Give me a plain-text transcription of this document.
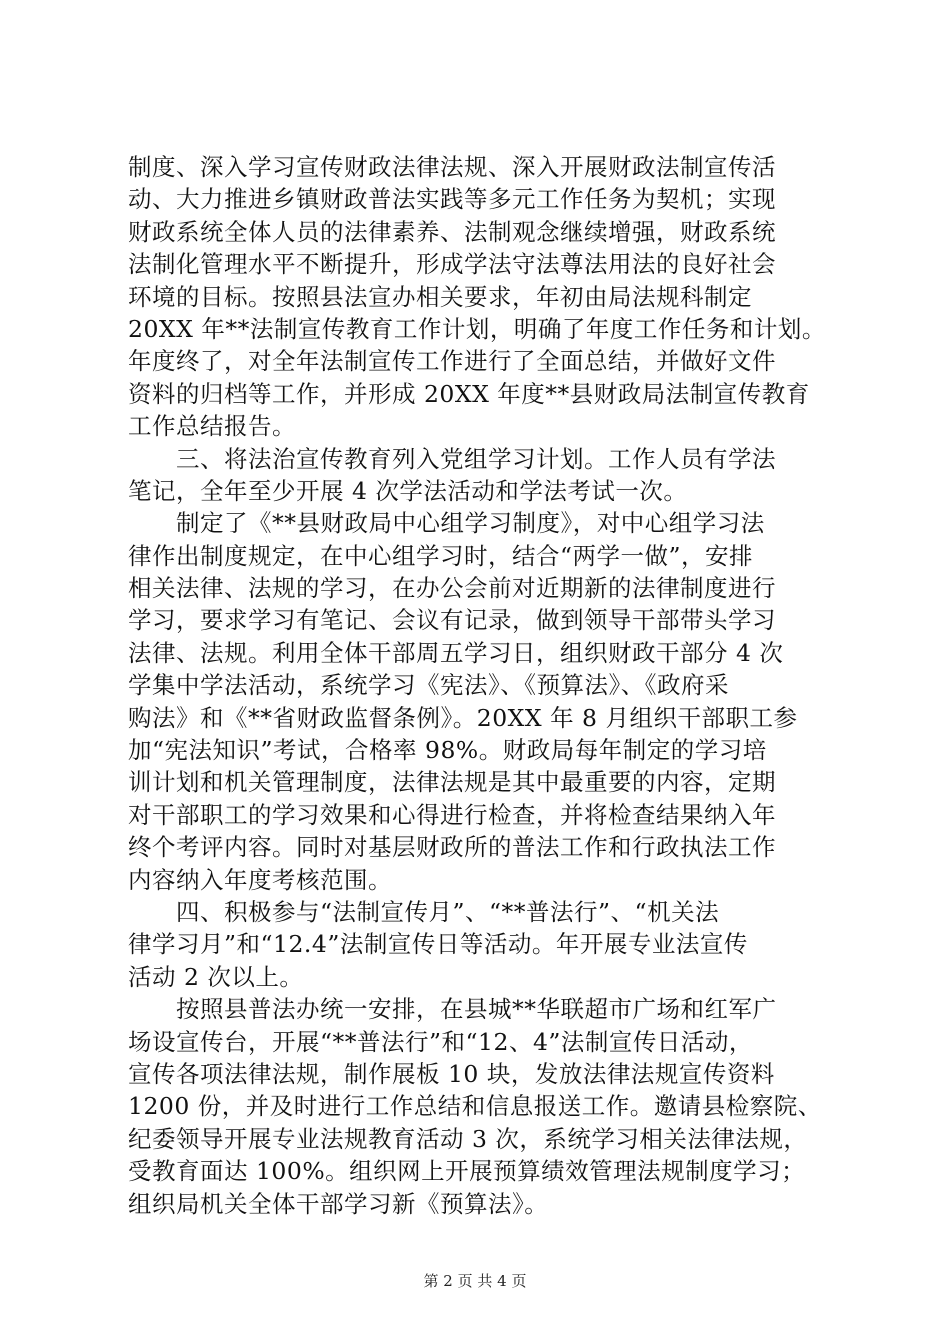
制度、深入学习宣传财政法律法规、深入开展财政法制宣传活
动、大力推进乡镇财政普法实践等多元工作任务为契机；实现
财政系统全体人员的法律素养、法制观念继续增强，财政系统
法制化管理水平不断提升，形成学法守法尊法用法的良好社会
环境的目标。按照县法宣办相关要求，年初由局法规科制定
20XX 年**法制宣传教育工作计划，明确了年度工作任务和计划。
年度终了，对全年法制宣传工作进行了全面总结，并做好文件
资料的归档等工作，并形成 20XX 年度**县财政局法制宣传教育
工作总结报告。
　　三、将法治宣传教育列入党组学习计划。工作人员有学法
笔记，全年至少开展 4 次学法活动和学法考试一次。
　　制定了《**县财政局中心组学习制度》，对中心组学习法
律作出制度规定，在中心组学习时，结合“两学一做”，安排
相关法律、法规的学习，在办公会前对近期新的法律制度进行
学习，要求学习有笔记、会议有记录，做到领导干部带头学习
法律、法规。利用全体干部周五学习日，组织财政干部分 4 次
学集中学法活动，系统学习《宪法》、《预算法》、《政府采
购法》和《**省财政监督条例》。20XX 年 8 月组织干部职工参
加“宪法知识”考试，合格率 98%。财政局每年制定的学习培
训计划和机关管理制度，法律法规是其中最重要的内容，定期
对干部职工的学习效果和心得进行检查，并将检查结果纳入年
终个考评内容。同时对基层财政所的普法工作和行政执法工作
内容纳入年度考核范围。
　　四、积极参与“法制宣传月”、“**普法行”、“机关法
律学习月”和“12.4”法制宣传日等活动。年开展专业法宣传
活动 2 次以上。
　　按照县普法办统一安排，在县城**华联超市广场和红军广
场设宣传台，开展“**普法行”和“12、4”法制宣传日活动，
宣传各项法律法规，制作展板 10 块，发放法律法规宣传资料
1200 份，并及时进行工作总结和信息报送工作。邀请县检察院、
纪委领导开展专业法规教育活动 3 次，系统学习相关法律法规，
受教育面达 100%。组织网上开展预算绩效管理法规制度学习；
组织局机关全体干部学习新《预算法》。
第 2 页 共 4 页
